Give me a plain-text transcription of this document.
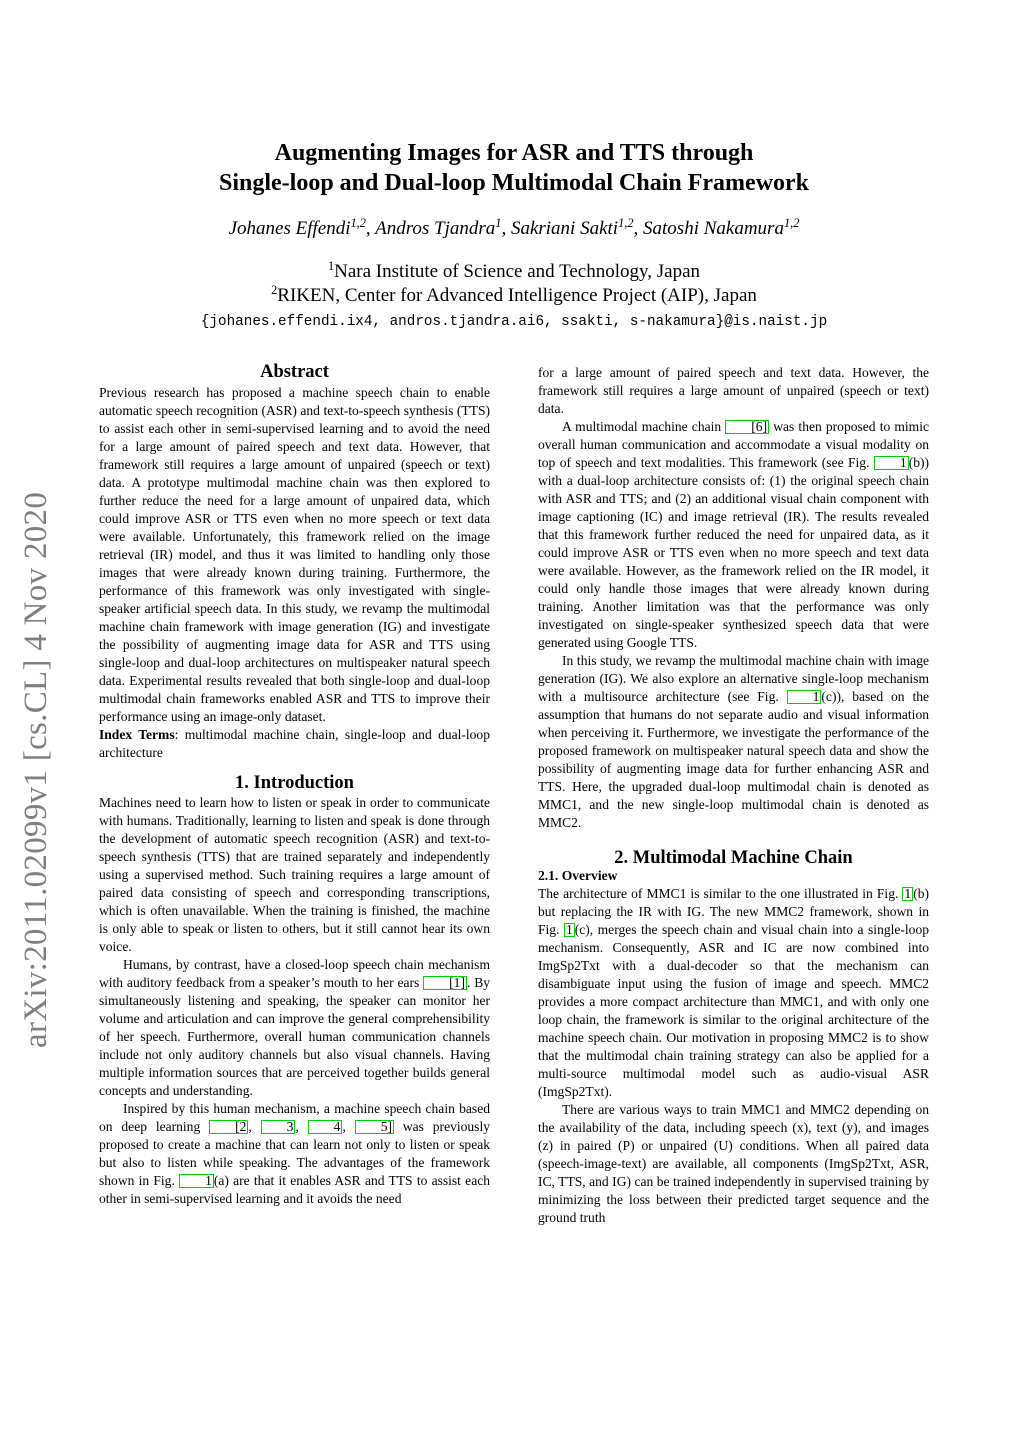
arXiv:2011.02099v1 [cs.CL] 4 Nov 2020
Augmenting Images for ASR and TTS through
Single-loop and Dual-loop Multimodal Chain Framework
Johanes Effendi$^{1,2}$, Andros Tjandra$^1$, Sakriani Sakti$^{1,2}$, Satoshi Nakamura$^{1,2}$
$^1$Nara Institute of Science and Technology, Japan
$^2$RIKEN, Center for Advanced Intelligence Project (AIP), Japan
{johanes.effendi.ix4, andros.tjandra.ai6, ssakti, s-nakamura}@is.naist.jp

Abstract

Previous research has proposed a machine speech chain to enable automatic speech recognition (ASR) and text-to-speech synthesis (TTS) to assist each other in semi-supervised learning and to avoid the need for a large amount of paired speech and text data. However, that framework still requires a large amount of unpaired (speech or text) data. A prototype multimodal machine chain was then explored to further reduce the need for a large amount of unpaired data, which could improve ASR or TTS even when no more speech or text data were available. Unfortunately, this framework relied on the image retrieval (IR) model, and thus it was limited to handling only those images that were already known during training. Furthermore, the performance of this framework was only investigated with single-speaker artificial speech data. In this study, we revamp the multimodal machine chain framework with image generation (IG) and investigate the possibility of augmenting image data for ASR and TTS using single-loop and dual-loop architectures on multispeaker natural speech data. Experimental results revealed that both single-loop and dual-loop multimodal chain frameworks enabled ASR and TTS to improve their performance using an image-only dataset.

Index Terms: multimodal machine chain, single-loop and dual-loop architecture

1. Introduction

Machines need to learn how to listen or speak in order to communicate with humans. Traditionally, learning to listen and speak is done through the development of automatic speech recognition (ASR) and text-to-speech synthesis (TTS) that are trained separately and independently using a supervised method. Such training requires a large amount of paired data consisting of speech and corresponding transcriptions, which is often unavailable. When the training is finished, the machine is only able to speak or listen to others, but it still cannot hear its own voice.

Humans, by contrast, have a closed-loop speech chain mechanism with auditory feedback from a speaker’s mouth to her ears [1] . By simultaneously listening and speaking, the speaker can monitor her volume and articulation and can improve the general comprehensibility of her speech. Furthermore, overall human communication channels include not only auditory channels but also visual channels. Having multiple information sources that are perceived together builds general concepts and understanding.

Inspired by this human mechanism, a machine speech chain based on deep learning [2 , 3 , 4 , 5] was previously proposed to create a machine that can learn not only to listen or speak but also to listen while speaking. The advantages of the framework shown in Fig. 1 (a) are that it enables ASR and TTS to assist each other in semi-supervised learning and it avoids the need

for a large amount of paired speech and text data. However, the framework still requires a large amount of unpaired (speech or text) data.

A multimodal machine chain [6] was then proposed to mimic overall human communication and accommodate a visual modality on top of speech and text modalities. This framework (see Fig. 1 (b)) with a dual-loop architecture consists of: (1) the original speech chain with ASR and TTS; and (2) an additional visual chain component with image captioning (IC) and image retrieval (IR). The results revealed that this framework further reduced the need for unpaired data, as it could improve ASR or TTS even when no more speech and text data were available. However, as the framework relied on the IR model, it could only handle those images that were already known during training. Another limitation was that the performance was only investigated on single-speaker synthesized speech data that were generated using Google TTS.

In this study, we revamp the multimodal machine chain with image generation (IG). We also explore an alternative single-loop mechanism with a multisource architecture (see Fig. 1 (c)), based on the assumption that humans do not separate audio and visual information when perceiving it. Furthermore, we investigate the performance of the proposed framework on multispeaker natural speech data and show the possibility of augmenting image data for further enhancing ASR and TTS. Here, the upgraded dual-loop multimodal chain is denoted as MMC1, and the new single-loop multimodal chain is denoted as MMC2.

2. Multimodal Machine Chain

2.1. Overview

The architecture of MMC1 is similar to the one illustrated in Fig. 1 (b) but replacing the IR with IG. The new MMC2 framework, shown in Fig. 1 (c), merges the speech chain and visual chain into a single-loop mechanism. Consequently, ASR and IC are now combined into ImgSp2Txt with a dual-decoder so that the mechanism can disambiguate input using the fusion of image and speech. MMC2 provides a more compact architecture than MMC1, and with only one loop chain, the framework is similar to the original architecture of the machine speech chain. Our motivation in proposing MMC2 is to show that the multimodal chain training strategy can also be applied for a multi-source multimodal model such as audio-visual ASR (ImgSp2Txt).

There are various ways to train MMC1 and MMC2 depending on the availability of the data, including speech (x), text (y), and images (z) in paired (P) or unpaired (U) conditions. When all paired data (speech-image-text) are available, all components (ImgSp2Txt, ASR, IC, TTS, and IG) can be trained independently in supervised training by minimizing the loss between their predicted target sequence and the ground truth
